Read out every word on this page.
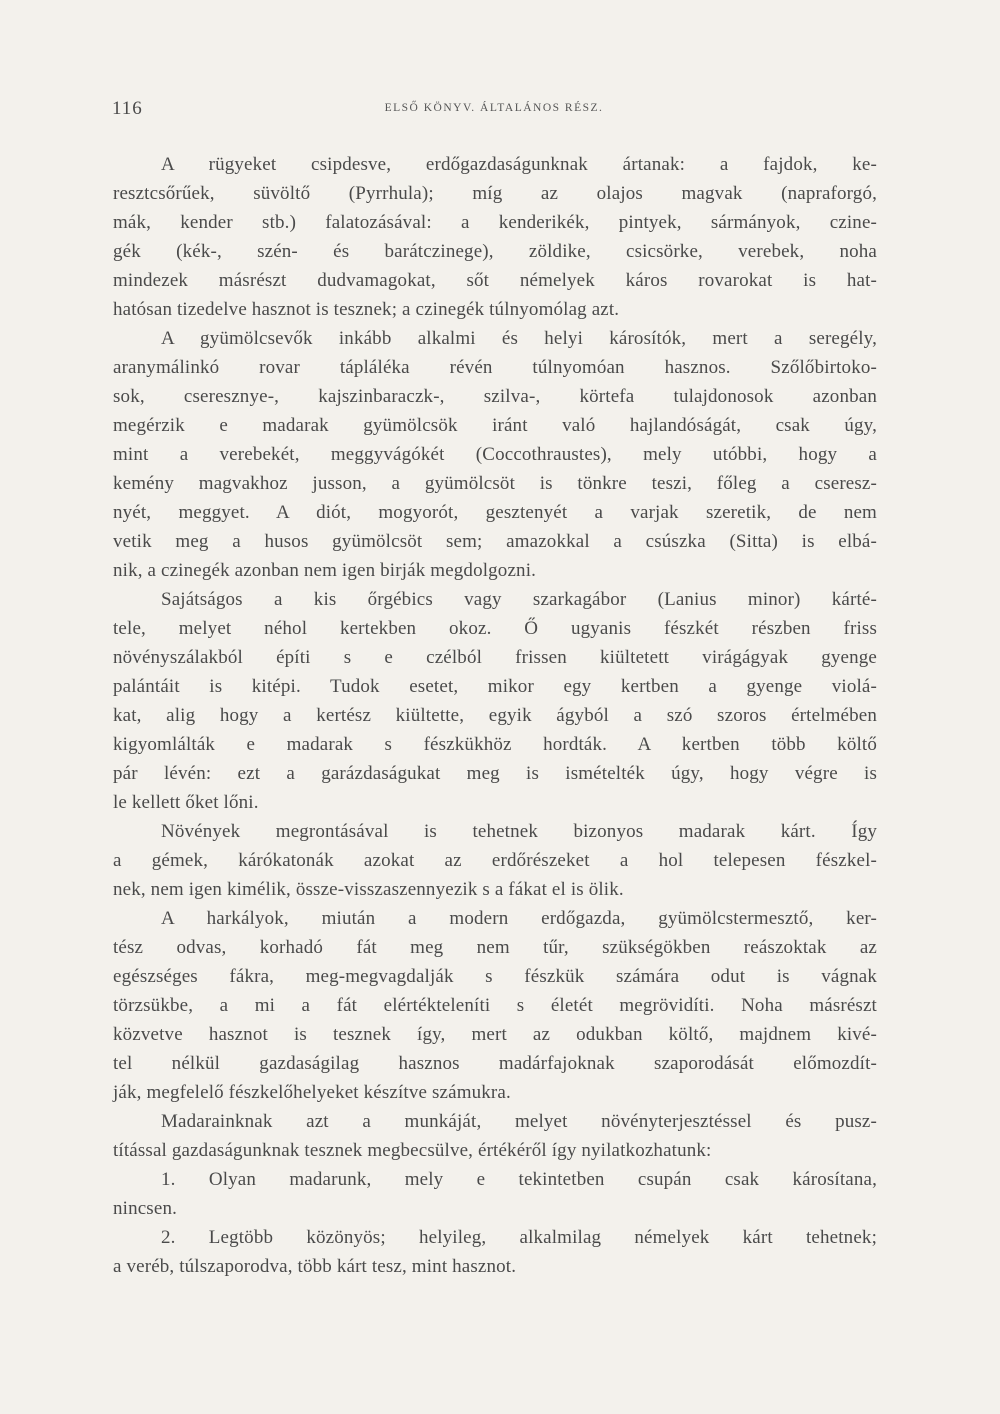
116	ELSŐ KÖNYV. ÁLTALÁNOS RÉSZ.
A rügyeket csipdesve, erdőgazdaságunknak ártanak: a fajdok, ke-
resztcsőrűek, süvöltő (Pyrrhula); míg az olajos magvak (napraforgó,
mák, kender stb.) falatozásával: a kenderikék, pintyek, sármányok, czine-
gék (kék-, szén- és barátczinege), zöldike, csicsörke, verebek, noha
mindezek másrészt dudvamagokat, sőt némelyek káros rovarokat is hat-
hatósan tizedelve hasznot is tesznek; a czinegék túlnyomólag azt.
A gyümölcsevők inkább alkalmi és helyi károsítók, mert a seregély,
aranymálinkó rovar tápláléka révén túlnyomóan hasznos. Szőlőbirtoko-
sok, cseresznye-, kajszinbaraczk-, szilva-, körtefa tulajdonosok azonban
megérzik e madarak gyümölcsök iránt való hajlandóságát, csak úgy,
mint a verebekét, meggyvágókét (Coccothraustes), mely utóbbi, hogy a
kemény magvakhoz jusson, a gyümölcsöt is tönkre teszi, főleg a cseresz-
nyét, meggyet. A diót, mogyorót, gesztenyét a varjak szeretik, de nem
vetik meg a husos gyümölcsöt sem; amazokkal a csúszka (Sitta) is elbá-
nik, a czinegék azonban nem igen birják megdolgozni.
Sajátságos a kis őrgébics vagy szarkagábor (Lanius minor) kárté-
tele, melyet néhol kertekben okoz. Ő ugyanis fészkét részben friss
növényszálakból építi s e czélból frissen kiültetett virágágyak gyenge
palántáit is kitépi. Tudok esetet, mikor egy kertben a gyenge violá-
kat, alig hogy a kertész kiültette, egyik ágyból a szó szoros értelmében
kigyomlálták e madarak s fészkükhöz hordták. A kertben több költő
pár lévén: ezt a garázdaságukat meg is ismételték úgy, hogy végre is
le kellett őket lőni.
Növények megrontásával is tehetnek bizonyos madarak kárt. Így
a gémek, kárókatonák azokat az erdőrészeket a hol telepesen fészkel-
nek, nem igen kimélik, össze-visszaszennyezik s a fákat el is ölik.
A harkályok, miután a modern erdőgazda, gyümölcstermesztő, ker-
tész odvas, korhadó fát meg nem tűr, szükségökben reászoktak az
egészséges fákra, meg-megvagdalják s fészkük számára odut is vágnak
törzsükbe, a mi a fát elértékteleníti s életét megrövidíti. Noha másrészt
közvetve hasznot is tesznek így, mert az odukban költő, majdnem kivé-
tel nélkül gazdaságilag hasznos madárfajoknak szaporodását előmozdít-
ják, megfelelő fészkelőhelyeket készítve számukra.
Madarainknak azt a munkáját, melyet növényterjesztéssel és pusz-
títással gazdaságunknak tesznek megbecsülve, értékéről így nyilatkozhatunk:
1. Olyan madarunk, mely e tekintetben csupán csak károsítana,
nincsen.
2. Legtöbb közönyös; helyileg, alkalmilag némelyek kárt tehetnek;
a veréb, túlszaporodva, több kárt tesz, mint hasznot.
